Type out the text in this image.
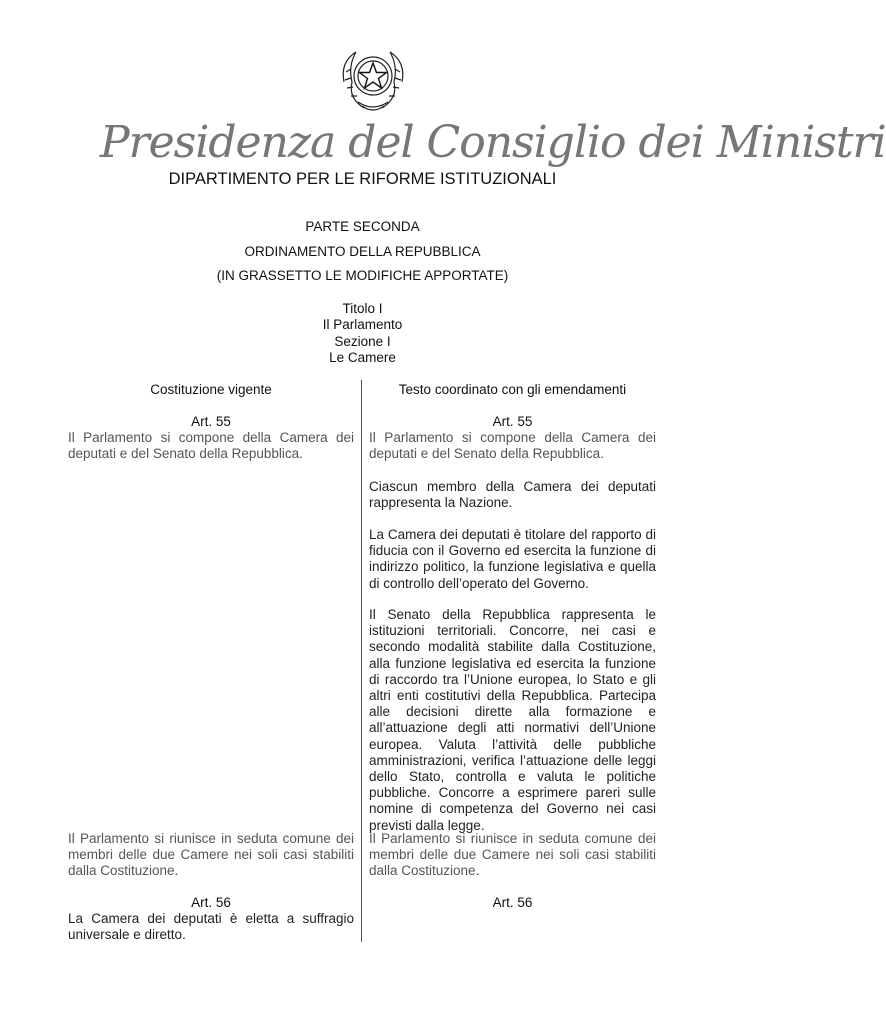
Presidenza del Consiglio dei Ministri
DIPARTIMENTO PER LE RIFORME ISTITUZIONALI
PARTE SECONDA
ORDINAMENTO DELLA REPUBBLICA
(IN GRASSETTO LE MODIFICHE APPORTATE)
Titolo I
Il Parlamento
Sezione I
Le Camere
Costituzione vigente	Testo coordinato con gli emendamenti
Art. 55
Il Parlamento si compone della Camera dei deputati e del Senato della Repubblica.
Il Parlamento si riunisce in seduta comune dei membri delle due Camere nei soli casi stabiliti dalla Costituzione.
Art. 56
La Camera dei deputati è eletta a suffragio universale e diretto.
Art. 55
Il Parlamento si compone della Camera dei deputati e del Senato della Repubblica.
Ciascun membro della Camera dei deputati rappresenta la Nazione.
La Camera dei deputati è titolare del rapporto di fiducia con il Governo ed esercita la funzione di indirizzo politico, la funzione legislativa e quella di controllo dell’operato del Governo.
Il Senato della Repubblica rappresenta le istituzioni territoriali. Concorre, nei casi e secondo modalità stabilite dalla Costituzione, alla funzione legislativa ed esercita la funzione di raccordo tra l’Unione europea, lo Stato e gli altri enti costitutivi della Repubblica. Partecipa alle decisioni dirette alla formazione e all’attuazione degli atti normativi dell’Unione europea. Valuta l’attività delle pubbliche amministrazioni, verifica l’attuazione delle leggi dello Stato, controlla e valuta le politiche pubbliche. Concorre a esprimere pareri sulle nomine di competenza del Governo nei casi previsti dalla legge.
Il Parlamento si riunisce in seduta comune dei membri delle due Camere nei soli casi stabiliti dalla Costituzione.
Art. 56
